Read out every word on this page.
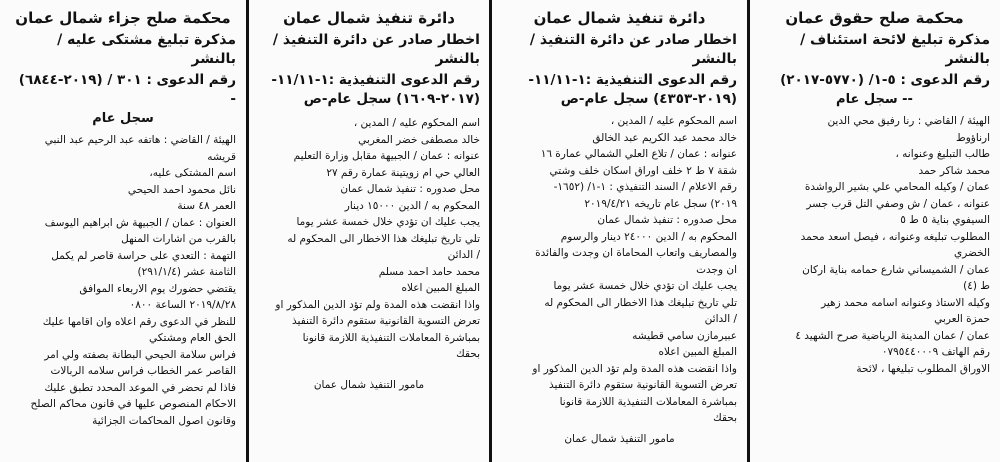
محكمة صلح جزاء شمال عمان
مذكرة تبليغ مشتكى عليه / بالنشر
رقم الدعوى : ٣٠١ / (٢٠١٩-٦٨٤٤) -
سجل عام
الهيئة / القاضي : هاتفه عبد الرحيم عبد النبي
قريشه
اسم المشتكى عليه،
نائل محمود احمد الحيحي
العمر ٤٨ سنة
العنوان : عمان / الجبيهة ش ابراهيم اليوسف
بالقرب من اشارات المنهل
التهمة : التعدي على حراسة قاصر لم يكمل
الثامنة عشر (٢٩١/١/٤)
يقتضي حضورك يوم الاربعاء الموافق
٢٠١٩/٨/٢٨ الساعة ٠٨٠٠
للنظر في الدعوى رقم اعلاه وان اقامها عليك
الحق العام ومشتكي
فراس سلامة الحيحي البطانة بصفته ولي امر
القاصر عمر الخطاب فراس سلامه الربالات
فاذا لم تحضر في الموعد المحدد تطبق عليك
الاحكام المنصوص عليها في قانون محاكم الصلح
وقانون اصول المحاكمات الجزائية
دائرة تنفيذ شمال عمان
اخطار صادر عن دائرة التنفيذ / بالنشر
رقم الدعوى التنفيذية :١-١١/١١-
(٢٠١٧-١٦٠٩) سجل عام-ص
اسم المحكوم عليه / المدين ،
خالد مصطفى خضر المغربي
عنوانه : عمان / الجبيهة مقابل وزارة التعليم
العالي حي ام زويتينة عمارة رقم ٢٧
محل صدوره : تنفيذ شمال عمان
المحكوم به / الدين ١٥٠٠٠ دينار
يجب عليك ان تؤدي خلال خمسة عشر يوما
تلي تاريخ تبليغك هذا الاخطار الى المحكوم له
/ الدائن
محمد حامد احمد مسلم
المبلغ المبين اعلاه
واذا انقضت هذه المدة ولم تؤد الدين المذكور او
تعرض التسوية القانونية ستقوم دائرة التنفيذ
بمباشرة المعاملات التنفيذية اللازمة قانونا
بحقك
مامور التنفيذ شمال عمان
دائرة تنفيذ شمال عمان
اخطار صادر عن دائرة التنفيذ / بالنشر
رقم الدعوى التنفيذية :١-١١/١١-
(٢٠١٩-٤٣٥٣) سجل عام-ص
اسم المحكوم عليه / المدين ،
خالد محمد عبد الكريم عبد الخالق
عنوانه : عمان / تلاع العلي الشمالي عمارة ١٦
شقة ٧ ط ٢ خلف اوراق اسكان خلف وشتي
رقم الاعلام / السند التنفيذي : ١-١/ (١٦٥٢-
٢٠١٩) سجل عام تاريخه ٢٠١٩/٤/٢١
محل صدوره : تنفيذ شمال عمان
المحكوم به / الدين ٢٤٠٠٠ دينار والرسوم
والمصاريف واتعاب المحاماة ان وجدت والفائدة
ان وجدت
يجب عليك ان تؤدي خلال خمسة عشر يوما
تلي تاريخ تبليغك هذا الاخطار الى المحكوم له
/ الدائن
عبيرمازن سامي قطيشه
المبلغ المبين اعلاه
واذا انقضت هذه المدة ولم تؤد الدين المذكور او
تعرض التسوية القانونية ستقوم دائرة التنفيذ
بمباشرة المعاملات التنفيذية اللازمة قانونا
بحقك
مامور التنفيذ شمال عمان
محكمة صلح حقوق عمان
مذكرة تبليغ لائحة استئناف /بالنشر
رقم الدعوى : ٥-١/ (٥٧٧٠-٢٠١٧)
-- سجل عام
الهيئة / القاضي : رنا رفيق محي الدين
ارناؤوط
طالب التبليغ وعنوانه ،
محمد شاكر حمد
عمان / وكيله المحامي علي بشير الرواشدة
عنوانه ، عمان / ش وصفي التل قرب جسر
السيفوي بناية ٥ ط ٥
المطلوب تبليغه وعنوانه ، فيصل اسعد محمد
الخضري
عمان / الشميساني شارع حمامه بناية اركان
ط (٤)
وكيله الاستاذ وعنوانه اسامه محمد زهير
حمزة العربي
عمان / عمان المدينة الرياضية صرح الشهيد ٤
رقم الهاتف ٠٧٩٥٤٤٠٠٠٩
الاوراق المطلوب تبليغها ، لائحة
